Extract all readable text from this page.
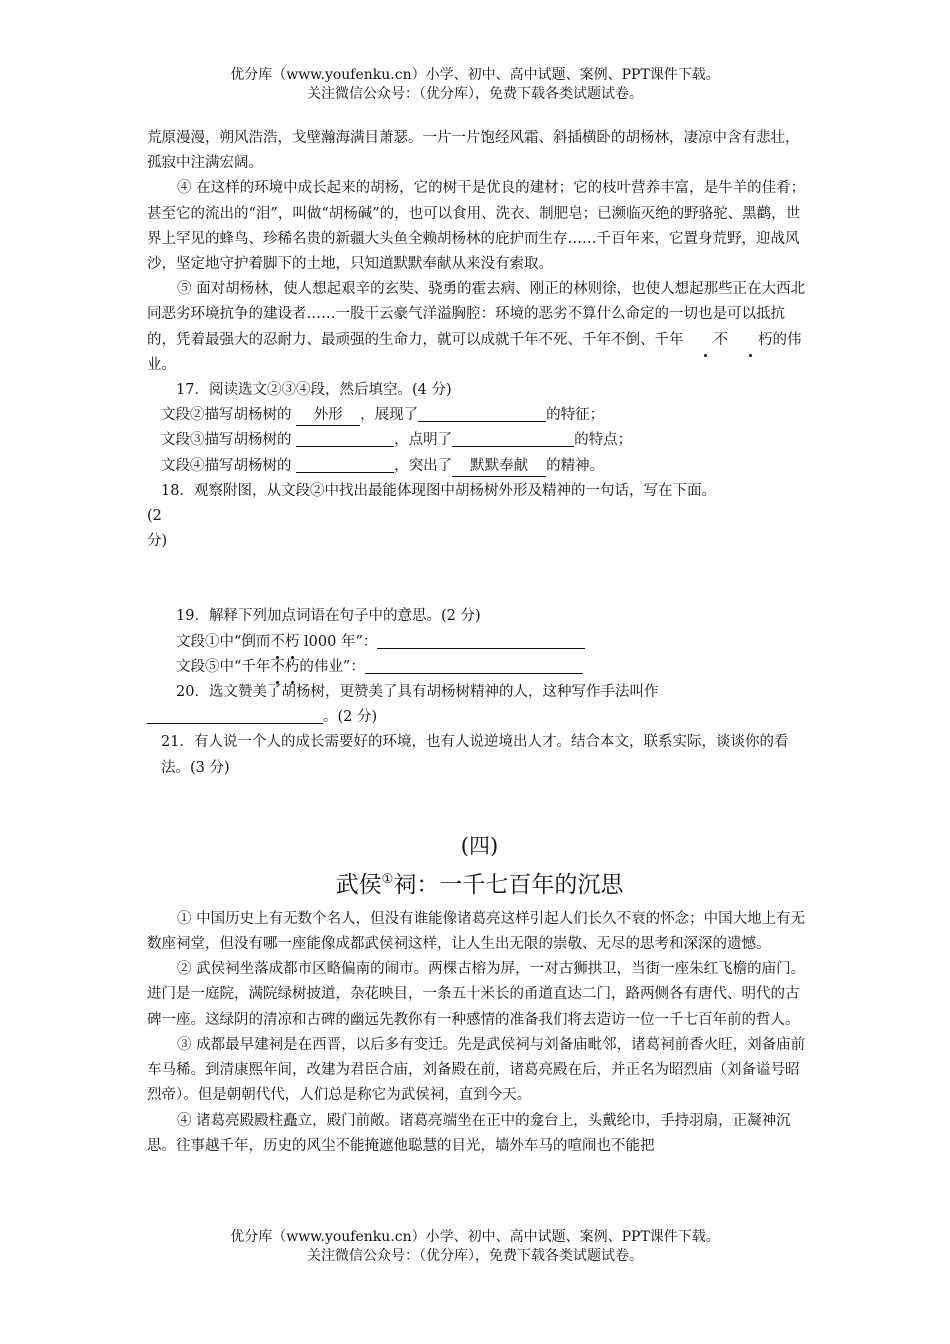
优分库（www.youfenku.cn）小学、初中、高中试题、案例、PPT课件下载。
关注微信公众号：（优分库），免费下载各类试题试卷。

荒原漫漫，朔风浩浩，戈壁瀚海满目萧瑟。一片一片饱经风霜、斜插横卧的胡杨林，凄凉中含有悲壮，孤寂中注满宏阔。

④ 在这样的环境中成长起来的胡杨，它的树干是优良的建材；它的枝叶营养丰富，是牛羊的佳肴；甚至它的流出的“泪”，叫做“胡杨碱”的，也可以食用、洗衣、制肥皂；已濒临灭绝的野骆驼、黑鹳，世界上罕见的蜂鸟、珍稀名贵的新疆大头鱼全赖胡杨林的庇护而生存……千百年来，它置身荒野，迎战风沙，坚定地守护着脚下的土地，只知道默默奉献从来没有索取。

⑤ 面对胡杨林，使人想起艰辛的玄奘、骁勇的霍去病、刚正的林则徐，也使人想起那些正在大西北同恶劣环境抗争的建设者……一股干云豪气洋溢胸腔：环境的恶劣不算什么命定的一切也是可以抵抗的，凭着最强大的忍耐力、最顽强的生命力，就可以成就千年不死、千年不倒、千年 不 朽的伟业。

17．阅读选文②③④段，然后填空。(4 分)

文段②描写胡杨树的 外形 ，展现了	的特征；

文段③描写胡杨树的	，点明了	的特点；

文段④描写胡杨树的	，突出了 默默奉献 的精神。

18．观察附图，从文段②中找出最能体现图中胡杨树外形及精神的一句话，写在下面。

(2

分)

19．解释下列加点词语在句子中的意思。(2 分)

文段①中“倒而不朽 l000 年”：

文段⑤中“千年不朽的伟业”：

20．选文赞美了胡杨树，更赞美了具有胡杨树精神的人，这种写作手法叫作

。(2 分)

21．有人说一个人的成长需要好的环境，也有人说逆境出人才。结合本文，联系实际，谈谈你的看法。(3 分)

(四)
武侯①祠：一千七百年的沉思

① 中国历史上有无数个名人，但没有谁能像诸葛亮这样引起人们长久不衰的怀念；中国大地上有无数座祠堂，但没有哪一座能像成都武侯祠这样，让人生出无限的崇敬、无尽的思考和深深的遗憾。

② 武侯祠坐落成都市区略偏南的闹市。两棵古榕为屏，一对古狮拱卫，当街一座朱红飞檐的庙门。进门是一庭院，满院绿树披道，杂花映目，一条五十米长的甬道直达二门，路两侧各有唐代、明代的古碑一座。这绿阴的清凉和古碑的幽远先教你有一种感情的准备我们将去造访一位一千七百年前的哲人。

③ 成都最早建祠是在西晋，以后多有变迁。先是武侯祠与刘备庙毗邻，诸葛祠前香火旺，刘备庙前车马稀。到清康熙年间，改建为君臣合庙，刘备殿在前，诸葛亮殿在后，并正名为昭烈庙（刘备谥号昭烈帝）。但是朝朝代代，人们总是称它为武侯祠，直到今天。

④ 诸葛亮殿殿柱矗立，殿门前敞。诸葛亮端坐在正中的龛台上，头戴纶巾，手持羽扇，正凝神沉思。往事越千年，历史的风尘不能掩遮他聪慧的目光，墙外车马的喧闹也不能把

优分库（www.youfenku.cn）小学、初中、高中试题、案例、PPT课件下载。
关注微信公众号：（优分库），免费下载各类试题试卷。
